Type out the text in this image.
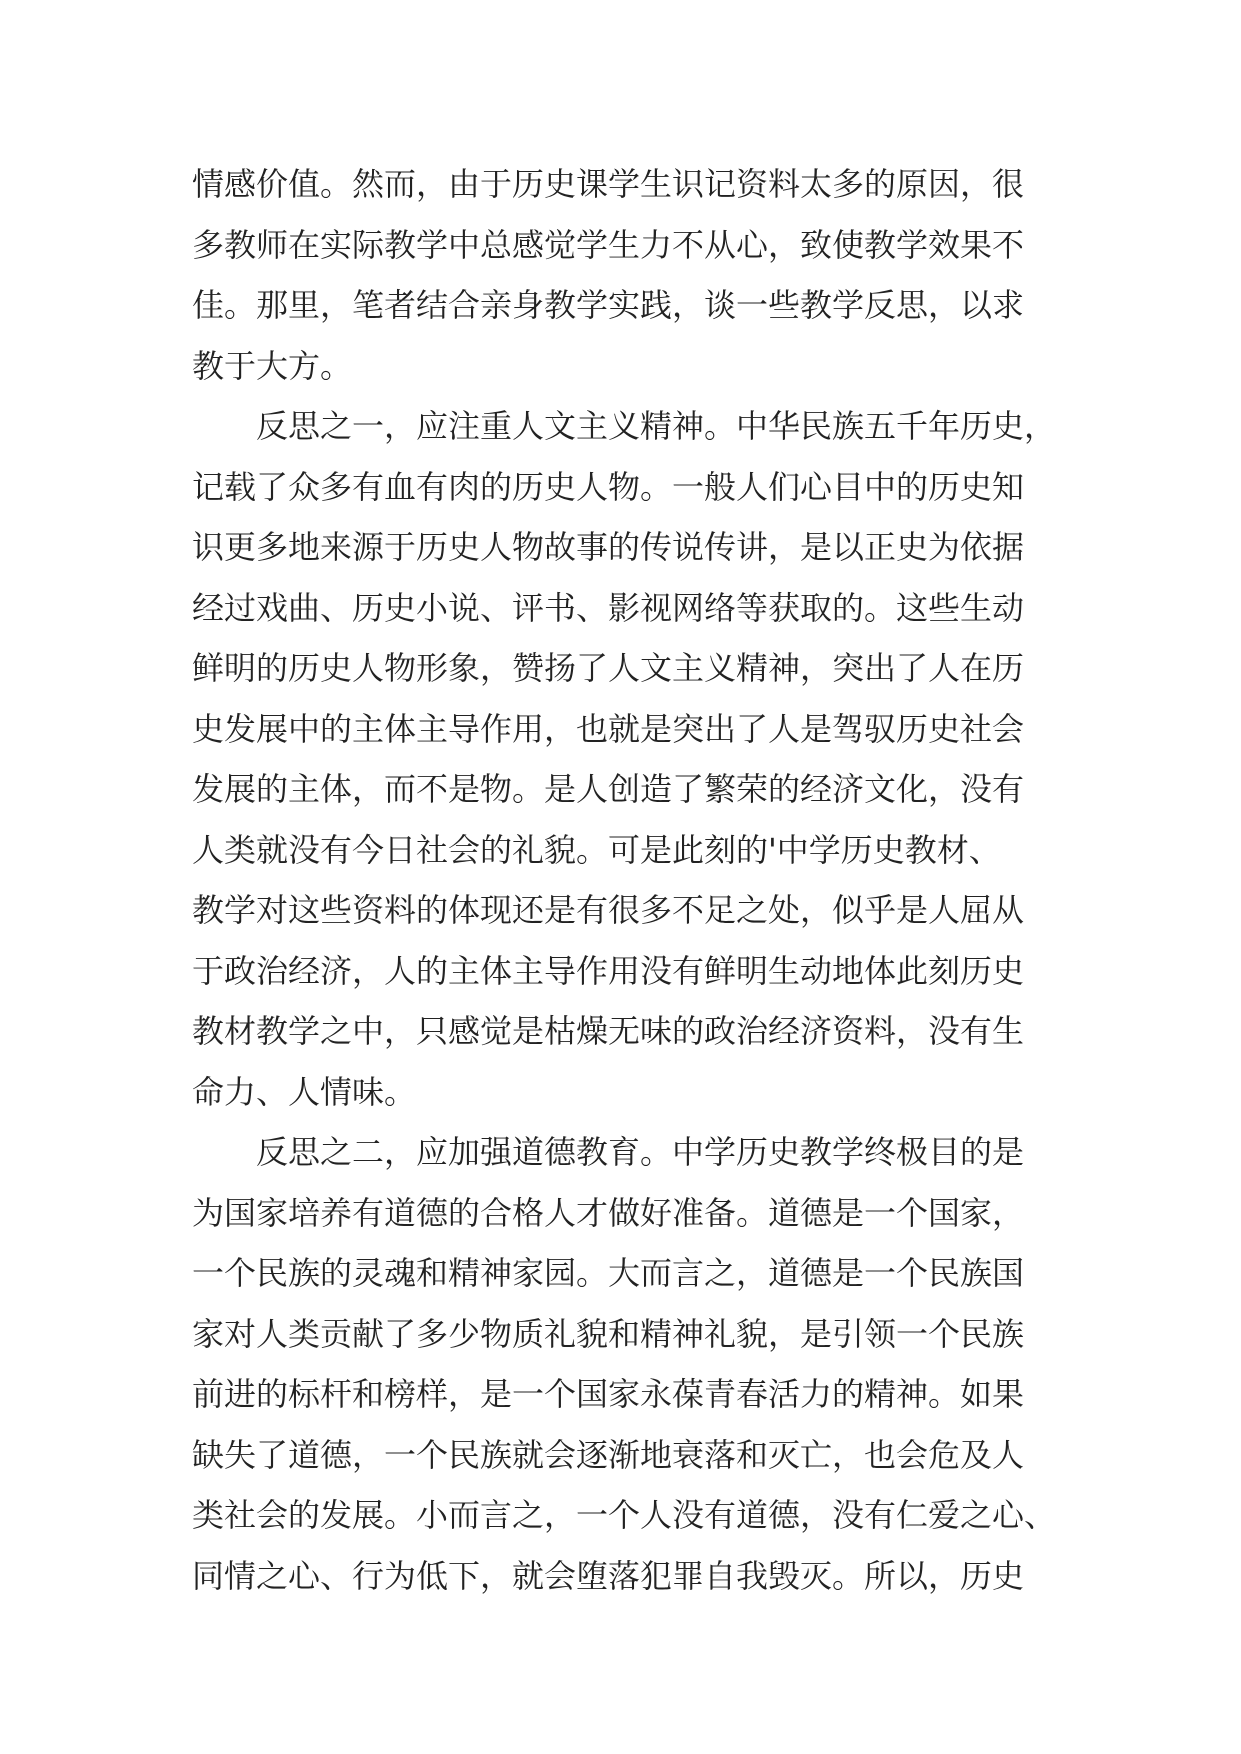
情感价值。然而，由于历史课学生识记资料太多的原因，很
多教师在实际教学中总感觉学生力不从心，致使教学效果不
佳。那里，笔者结合亲身教学实践，谈一些教学反思，以求
教于大方。
反思之一，应注重人文主义精神。中华民族五千年历史，
记载了众多有血有肉的历史人物。一般人们心目中的历史知
识更多地来源于历史人物故事的传说传讲，是以正史为依据
经过戏曲、历史小说、评书、影视网络等获取的。这些生动
鲜明的历史人物形象，赞扬了人文主义精神，突出了人在历
史发展中的主体主导作用，也就是突出了人是驾驭历史社会
发展的主体，而不是物。是人创造了繁荣的经济文化，没有
人类就没有今日社会的礼貌。可是此刻的'中学历史教材、
教学对这些资料的体现还是有很多不足之处，似乎是人屈从
于政治经济，人的主体主导作用没有鲜明生动地体此刻历史
教材教学之中，只感觉是枯燥无味的政治经济资料，没有生
命力、人情味。
反思之二，应加强道德教育。中学历史教学终极目的是
为国家培养有道德的合格人才做好准备。道德是一个国家，
一个民族的灵魂和精神家园。大而言之，道德是一个民族国
家对人类贡献了多少物质礼貌和精神礼貌，是引领一个民族
前进的标杆和榜样，是一个国家永葆青春活力的精神。如果
缺失了道德，一个民族就会逐渐地衰落和灭亡，也会危及人
类社会的发展。小而言之，一个人没有道德，没有仁爱之心、
同情之心、行为低下，就会堕落犯罪自我毁灭。所以，历史
